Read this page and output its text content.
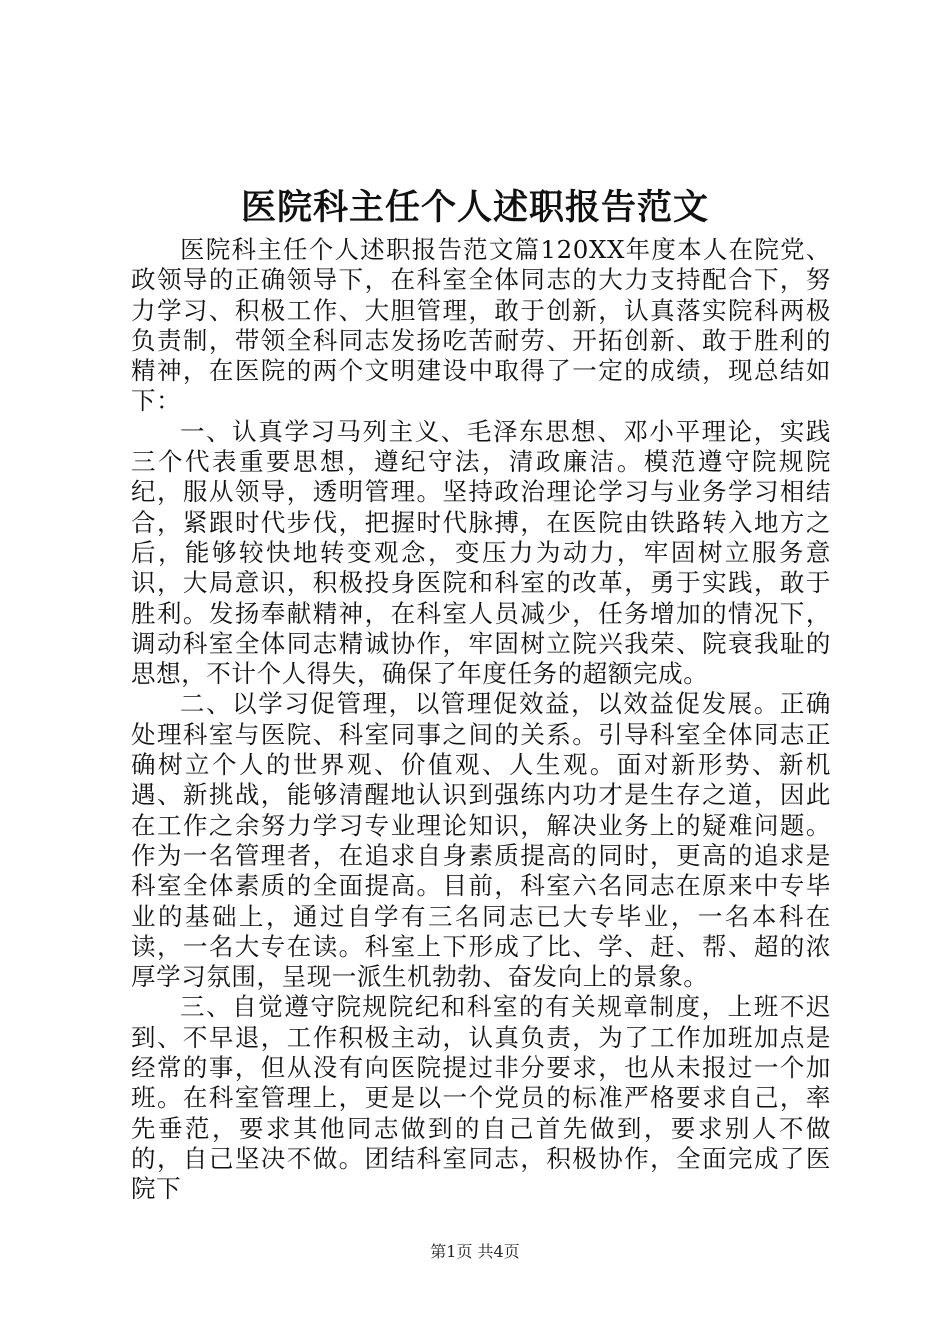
医院科主任个人述职报告范文

医院科主任个人述职报告范文篇120XX年度本人在院党、政领导的正确领导下，在科室全体同志的大力支持配合下，努力学习、积极工作、大胆管理，敢于创新，认真落实院科两极负责制，带领全科同志发扬吃苦耐劳、开拓创新、敢于胜利的精神，在医院的两个文明建设中取得了一定的成绩，现总结如下：

一、认真学习马列主义、毛泽东思想、邓小平理论，实践三个代表重要思想，遵纪守法，清政廉洁。模范遵守院规院纪，服从领导，透明管理。坚持政治理论学习与业务学习相结合，紧跟时代步伐，把握时代脉搏，在医院由铁路转入地方之后，能够较快地转变观念，变压力为动力，牢固树立服务意识，大局意识，积极投身医院和科室的改革，勇于实践，敢于胜利。发扬奉献精神，在科室人员减少，任务增加的情况下，调动科室全体同志精诚协作，牢固树立院兴我荣、院衰我耻的思想，不计个人得失，确保了年度任务的超额完成。

二、以学习促管理，以管理促效益，以效益促发展。正确处理科室与医院、科室同事之间的关系。引导科室全体同志正确树立个人的世界观、价值观、人生观。面对新形势、新机遇、新挑战，能够清醒地认识到强练内功才是生存之道，因此在工作之余努力学习专业理论知识，解决业务上的疑难问题。作为一名管理者，在追求自身素质提高的同时，更高的追求是科室全体素质的全面提高。目前，科室六名同志在原来中专毕业的基础上，通过自学有三名同志已大专毕业，一名本科在读，一名大专在读。科室上下形成了比、学、赶、帮、超的浓厚学习氛围，呈现一派生机勃勃、奋发向上的景象。

三、自觉遵守院规院纪和科室的有关规章制度，上班不迟到、不早退，工作积极主动，认真负责，为了工作加班加点是经常的事，但从没有向医院提过非分要求，也从未报过一个加班。在科室管理上，更是以一个党员的标准严格要求自己，率先垂范，要求其他同志做到的自己首先做到，要求别人不做的，自己坚决不做。团结科室同志，积极协作，全面完成了医院下

第1页 共4页
